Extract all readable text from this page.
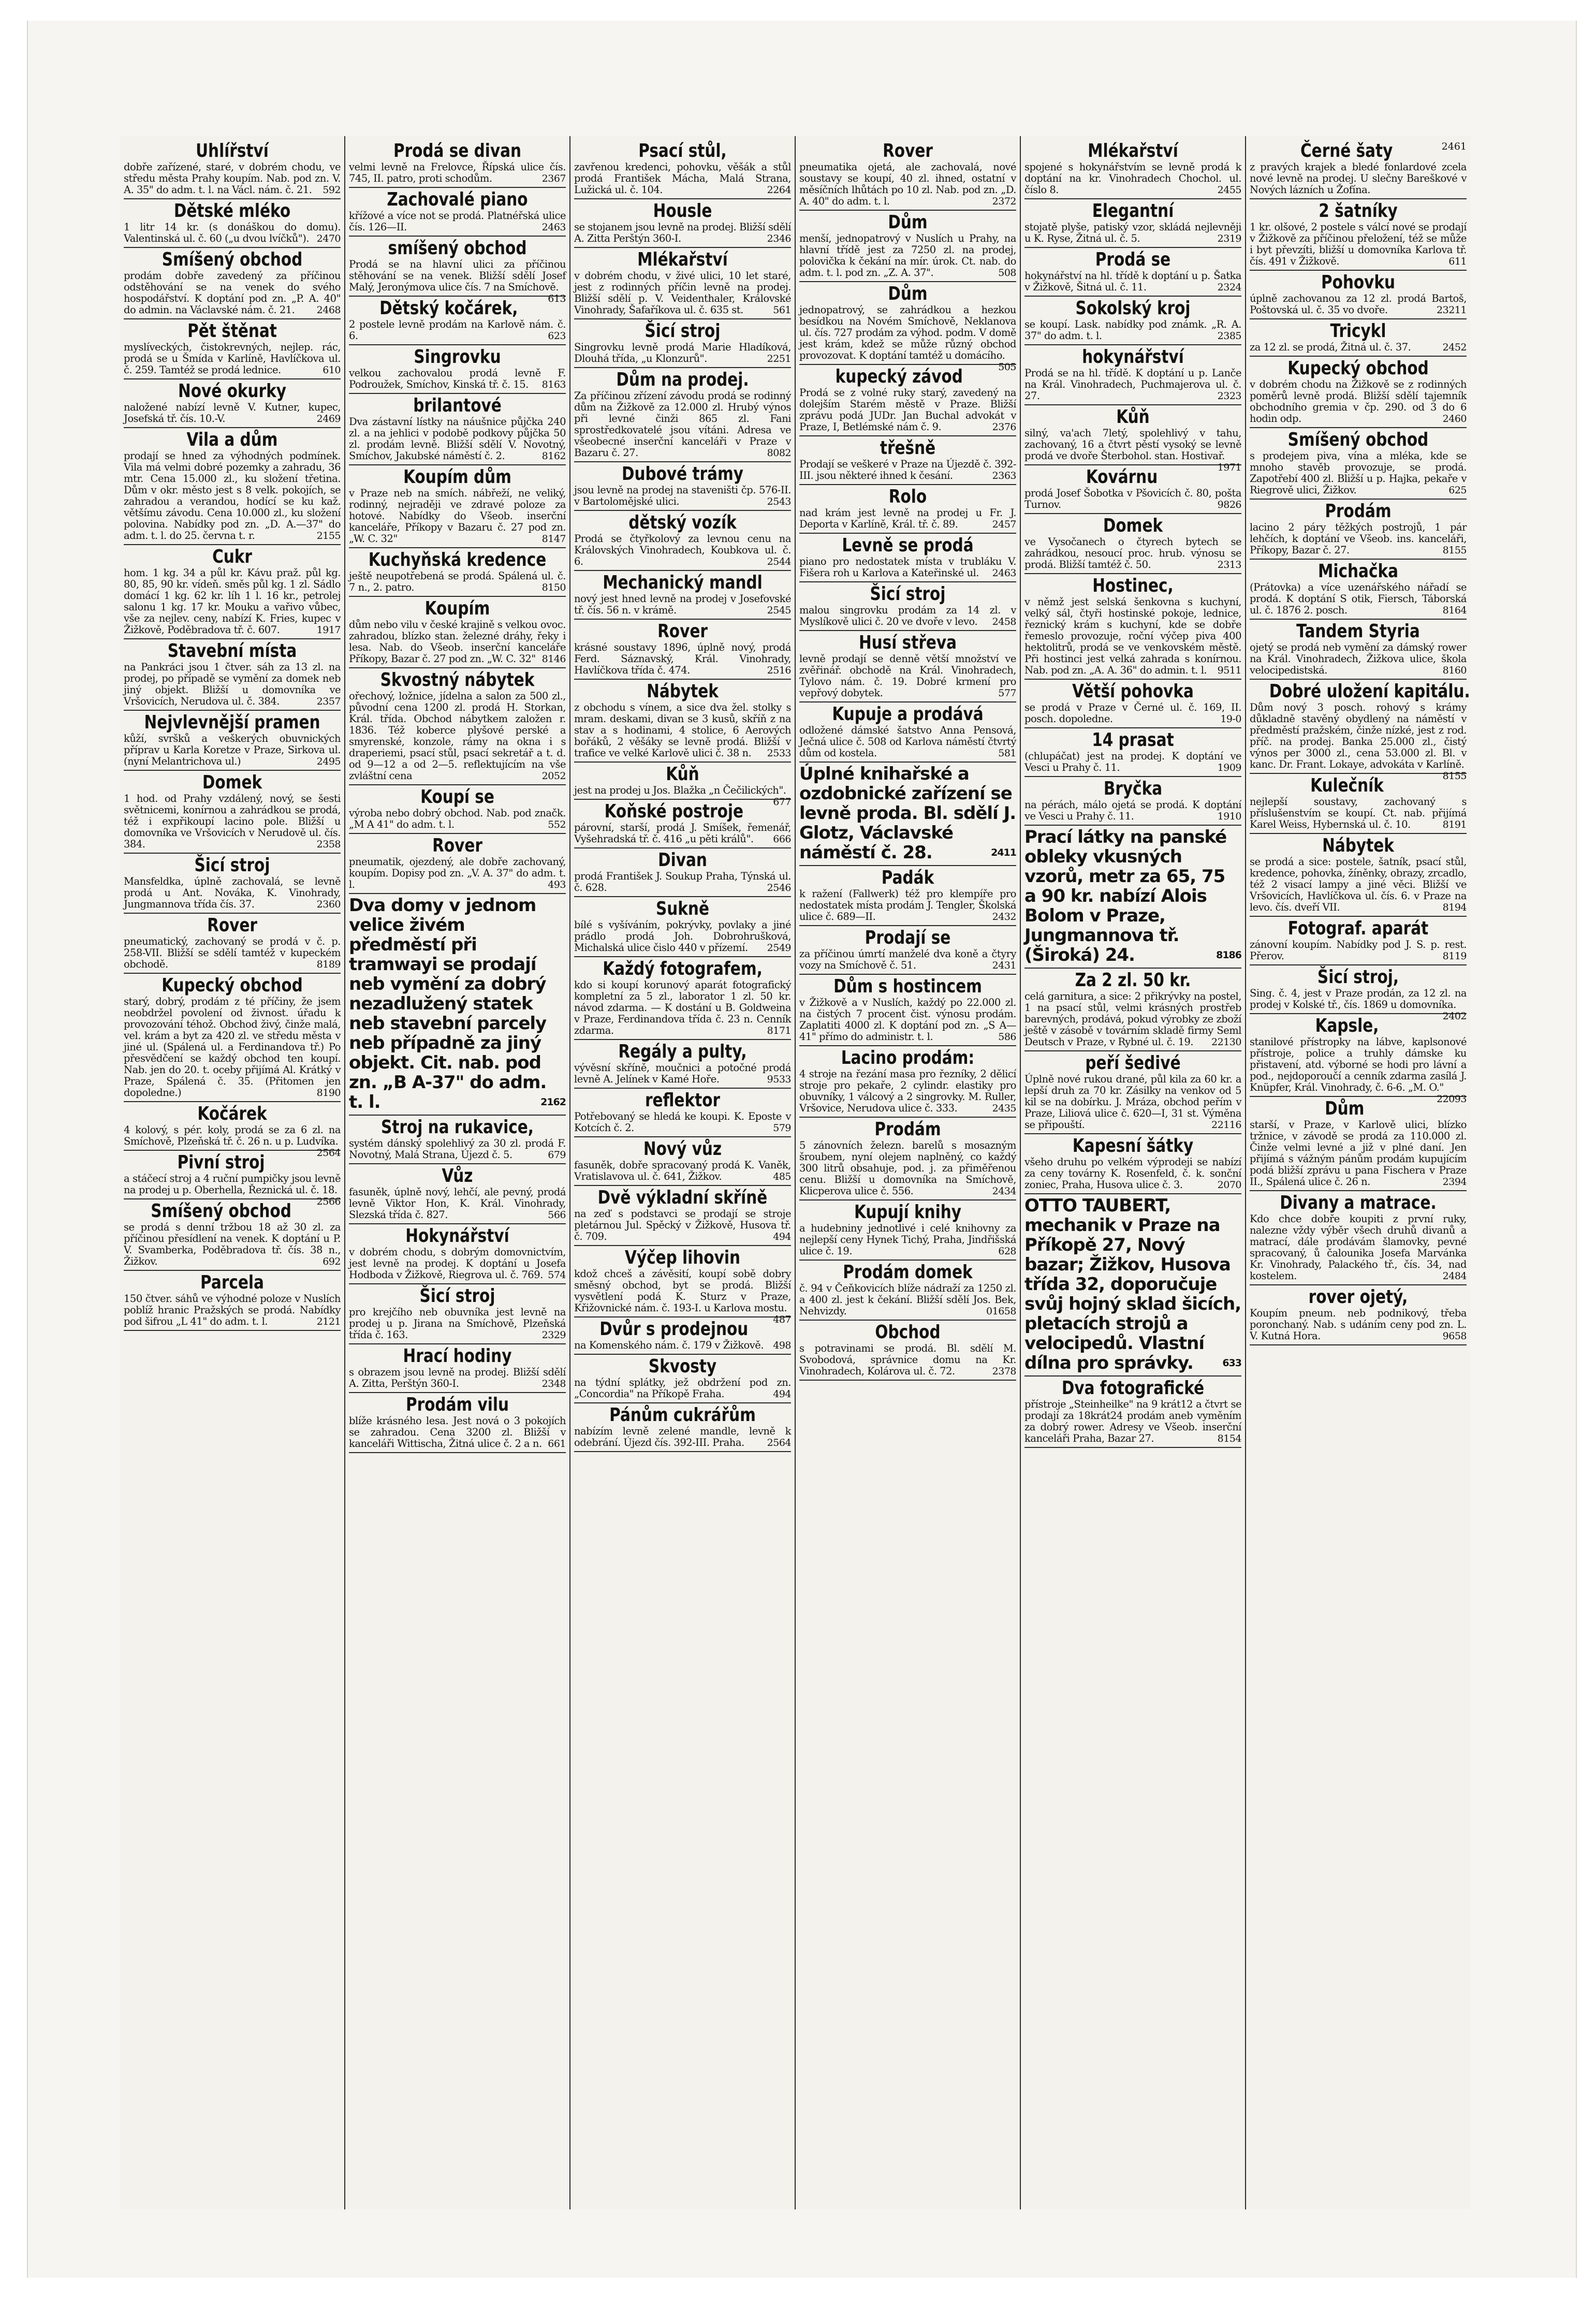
Uhlířství

dobře zařízené, staré, v dobrém chodu, ve středu města Prahy koupím. Nab. pod zn. V. A. 35" do adm. t. l. na Václ. nám. č. 21.	592

Dětské mléko

1 litr 14 kr. (s donáškou do domu). Valentinská ul. č. 60 („u dvou lvíčků"). 2470

Smíšený obchod

prodám dobře zavedený za příčinou odstěhování se na venek do svého hospodářství. K doptání pod zn. „P. A. 40" do admin. na Václavské nám. č. 21.	2468

Pět štěnat

myslíveckých, čistokrevných, nejlep. rác, prodá se u Šmída v Karlíně, Havlíčkova ul. č. 259. Tamtéž se prodá lednice.	610

Nové okurky

naložené nabízí levně V. Kutner, kupec, Josefská tř. čís. 10.-V.	2469

Vila a dům

prodají se hned za výhodných podmínek. Vila má velmi dobré pozemky a zahradu, 36 mtr. Cena 15.000 zl., ku složení třetina. Dům v okr. město jest s 8 velk. pokojích, se zahradou a verandou, hodící se ku kaž. většímu závodu. Cena 10.000 zl., ku složení polovina. Nabídky pod zn. „D. A.—37" do adm. t. l. do 25. června t. r.	2155

Cukr

hom. 1 kg. 34 a půl kr. Kávu praž. půl kg. 80, 85, 90 kr. vídeň. směs půl kg. 1 zl. Sádlo domácí 1 kg. 62 kr. líh 1 l. 16 kr., petrolej salonu 1 kg. 17 kr. Mouku a vařivo vůbec, vše za nejlev. ceny, nabízí K. Fries, kupec v Žižkově, Poděbradova tř. č. 607.	1917

Stavební místa

na Pankráci jsou 1 čtver. sáh za 13 zl. na prodej, po případě se vymění za domek neb jiný objekt. Bližší u domovníka ve Vršovicích, Nerudova ul. č. 384.	2357

Nejvlevnější pramen

kůží, svršků a veškerých obuvnických příprav u Karla Koretze v Praze, Sirkova ul. (nyní Melantrichova ul.)	2495

Domek

1 hod. od Prahy vzdálený, nový, se šesti světnicemi, konírnou a zahrádkou se prodá, též i expřikoupí lacino pole. Bližší u domovníka ve Vršovicích v Nerudově ul. čís. 384.	2358

Šicí stroj

Mansfeldka, úplně zachovalá, se levně prodá u Ant. Nováka, K. Vinohrady, Jungmannova třída čís. 37.	2360

Rover

pneumatický, zachovaný se prodá v č. p. 258-VII. Bližší se sdělí tamtéž v kupeckém obchodě.	8189

Kupecký obchod

starý, dobrý, prodám z té příčiny, že jsem neobdržel povolení od živnost. úřadu k provozování téhož. Obchod živý, činže malá, vel. krám a byt za 420 zl. ve středu města v jiné ul. (Spálená ul. a Ferdinandova tř.) Po přesvědčení se každý obchod ten koupí. Nab. jen do 20. t. oceby přijímá Al. Krátký v Praze, Spálená č. 35. (Přitomen jen dopoledne.)	8190

Kočárek

4 kolový, s pér. koly, prodá se za 6 zl. na Smíchově, Plzeňská tř. č. 26 n. u p. Ludvíka.
2564

Pivní stroj

a stáčecí stroj a 4 ruční pumpičky jsou levně na prodej u p. Oberhella, Řeznická ul. č. 18.
2566

Smíšený obchod

se prodá s denní tržbou 18 až 30 zl. za příčinou přesídlení na venek. K doptání u P. V. Svamberka, Poděbradova tř. čís. 38 n., Žižkov.	692

Parcela

150 čtver. sáhů ve výhodné poloze v Nuslích poblíž hranic Pražských se prodá. Nabídky pod šifrou „L 41" do adm. t. l.	2121

Prodá se divan

velmi levně na Frelovce, Řípská ulice čís. 745, II. patro, proti schodům.	2367

Zachovalé piano

křížové a více not se prodá. Platnéřská ulice čís. 126—II.	2463

smíšený obchod

Prodá se na hlavní ulici za příčinou stěhování se na venek. Bližší sdělí Josef Malý, Jeronýmova ulice čís. 7 na Smíchově.
613

Dětský kočárek,

2 postele levně prodám na Karlově nám. č. 6.	623

Singrovku

velkou zachovalou prodá levně F. Podroužek, Smíchov, Kinská tř. č. 15.	8163

brilantové

Dva zástavní lístky na náušnice půjčka 240 zl. a na jehlici v podobě podkovy půjčka 50 zl. prodám levně. Bližší sdělí V. Novotný, Smíchov, Jakubské náměstí č. 2.	8162

Koupím dům

v Praze neb na smích. nábřeží, ne veliký, rodinný, nejraději ve zdravé poloze za hotové. Nabídky do Všeob. inserční kanceláře, Příkopy v Bazaru č. 27 pod zn. „W. C. 32"	8147

Kuchyňská kredence

ještě neupotřebená se prodá. Spálená ul. č. 7 n., 2. patro.	8150

Koupím

dům nebo vilu v české krajině s velkou ovoc. zahradou, blízko stan. železné dráhy, řeky i lesa. Nab. do Všeob. inserční kanceláře Příkopy, Bazar č. 27 pod zn. „W. C. 32" 8146

Skvostný nábytek

ořechový, ložnice, jídelna a salon za 500 zl., původní cena 1200 zl. prodá H. Storkan, Král. třída. Obchod nábytkem založen r. 1836. Též koberce plyšové perské a smyrenské, konzole, rámy na okna i s draperiemi, psací stůl, psací sekretář a t. d. od 9—12 a od 2—5. reflektujícím na vše zvláštní cena	2052

Koupí se

výroba nebo dobrý obchod. Nab. pod značk. „M A 41" do adm. t. l.	552

Rover

pneumatik, ojezdený, ale dobře zachovaný, koupím. Dopisy pod zn. „V. A. 37" do adm. t. l.	493

Dva domy v jednom velice živém předměstí při tramwayi se prodají neb vymění za dobrý nezadlužený statek neb stavební parcely neb případně za jiný objekt. Cit. nab. pod zn. „B A-37" do adm. t. l.	2162

Stroj na rukavice,

systém dánský spolehlivý za 30 zl. prodá F. Novotný, Malá Strana, Újezd č. 5.	679

Vůz

fasuněk, úplně nový, lehčí, ale pevný, prodá levně Viktor Hon, K. Král. Vinohrady, Slezská třída č. 827.	566

Hokynářství

v dobrém chodu, s dobrým domovnictvím, jest levně na prodej. K doptání u Josefa Hodboda v Žižkově, Riegrova ul. č. 769. 574

Šicí stroj

pro krejčího neb obuvníka jest levně na prodej u p. Jirana na Smíchově, Plzeňská třída č. 163.	2329

Hrací hodiny

s obrazem jsou levně na prodej. Bližší sdělí A. Zitta, Perštýn 360-I.	2348

Prodám vilu

blíže krásného lesa. Jest nová o 3 pokojích se zahradou. Cena 3200 zl. Bližší v kanceláři Wittischa, Žitná ulice č. 2 a n. 661

Psací stůl,

zavřenou kredenci, pohovku, věšák a stůl prodá František Mácha, Malá Strana, Lužická ul. č. 104.	2264

Housle

se stojanem jsou levně na prodej. Bližší sdělí A. Zitta Perštýn 360-I.	2346

Mlékařství

v dobrém chodu, v živé ulici, 10 let staré, jest z rodinných příčin levně na prodej. Bližší sdělí p. V. Veidenthaler, Královské Vinohrady, Šafaříkova ul. č. 635 st.	561

Šicí stroj

Singrovku levně prodá Marie Hladíková, Dlouhá třída, „u Klonzurů".	2251

Dům na prodej.

Za příčinou zřízení závodu prodá se rodinný dům na Žižkově za 12.000 zl. Hrubý výnos při levné činži 865 zl. Fani sprostředkovatelé jsou vítáni. Adresa ve všeobecné inserční kanceláři v Praze v Bazaru č. 27.	8082

Dubové trámy

jsou levně na prodej na staveništi čp. 576-II. v Bartolomějské ulici.	2543

dětský vozík

Prodá se čtyřkolový za levnou cenu na Královských Vinohradech, Koubkova ul. č. 6.	2544

Mechanický mandl

nový jest hned levně na prodej v Josefovské tř. čís. 56 n. v krámě.	2545

Rover

krásné soustavy 1896, úplně nový, prodá Ferd. Sáznavský, Král. Vinohrady, Havlíčkova třída č. 474.	2516

Nábytek

z obchodu s vínem, a sice dva žel. stolky s mram. deskami, divan se 3 kusů, skříň z na stav a s hodinami, 4 stolice, 6 Aerových bořáků, 2 věšáky se levně prodá. Bližší v trafice ve velké Karlově ulici č. 38 n.	2533

Kůň

jest na prodej u Jos. Blažka „n Čečilických".
677

Koňské postroje

párovní, starší, prodá J. Smíšek, řemenář, Vyšehradská tř. č. 416 „u pěti králů".	666

Divan

prodá František J. Soukup Praha, Týnská ul. č. 628.	2546

Sukně

bílé s vyšíváním, pokrývky, povlaky a jiné prádlo prodá Joh. Dobrohrušková, Michalská ulice čislo 440 v přízemí.	2549

Každý fotografem,

kdo si koupí korunový aparát fotografický kompletní za 5 zl., laborator 1 zl. 50 kr. návod zdarma. — K dostání u B. Goldweina v Praze, Ferdinandova třída č. 23 n. Cenník zdarma.	8171

Regály a pulty,

vývěsní skříně, moučnici a potočné prodá levně A. Jelínek v Kamé Hoře.	9533

reflektor

Potřebovaný se hledá ke koupi. K. Eposte v Kotcích č. 2.	579

Nový vůz

fasuněk, dobře spracovaný prodá K. Vaněk, Vratislavova ul. č. 641, Žižkov.	485

Dvě výkladní skříně

na zeď s podstavci se prodají se stroje pletárnou Jul. Spěcký v Žižkově, Husova tř. č. 709.	494

Výčep lihovin

kdož chceš a závěsití, koupí sobě dobry směsný obchod, byt se prodá. Bližší vysvětlení podá K. Sturz v Praze, Křižovnické nám. č. 193-I. u Karlova mostu.
487

Dvůr s prodejnou

na Komenského nám. č. 179 v Žižkově. 498

Skvosty

na týdní splátky, jež obdržení pod zn. „Concordia" na Příkopě Fraha.	494

Pánům cukrářům

nabízím levně zelené mandle, levně k odebrání. Újezd čís. 392-III. Praha.	2564

Rover

pneumatika ojetá, ale zachovalá, nové soustavy se koupí, 40 zl. ihned, ostatní v měsíčních lhůtách po 10 zl. Nab. pod zn. „D. A. 40" do adm. t. l.	2372

Dům

menší, jednopatrový v Nuslích u Prahy, na hlavní třídě jest za 7250 zl. na prodej, polovička k čekání na mír. úrok. Ct. nab. do adm. t. l. pod zn. „Z. A. 37".	508

Dům

jednopatrový, se zahrádkou a hezkou besídkou na Novém Smíchově, Neklanova ul. čís. 727 prodám za výhod. podm. V domě jest krám, kdež se může různý obchod provozovat. K doptání tamtéž u domácího.
505

kupecký závod

Prodá se z volné ruky starý, zavedený na dolejším Starém městě v Praze. Bližší zprávu podá JUDr. Jan Buchal advokát v Praze, I, Betlémské nám č. 9.	2376

třešně

Prodají se veškeré v Praze na Újezdě č. 392-III. jsou některé ihned k česání.	2363

Rolo

nad krám jest levně na prodej u Fr. J. Deporta v Karlíně, Král. tř. č. 89.	2457

Levně se prodá

piano pro nedostatek místa v trubláku V. Fišera roh u Karlova a Kateřinské ul.	2463

Šicí stroj

malou singrovku prodám za 14 zl. v Myslíkově ulici č. 20 ve dvoře v levo.	2458

Husí střeva

levně prodají se denně větší množství ve zvěřinář. obchodě na Král. Vinohradech, Tylovo nám. č. 19. Dobré krmení pro vepřový dobytek.	577

Kupuje a prodává

odložené dámské šatstvo Anna Pensová, Ječná ulice č. 508 od Karlova náměstí čtvrtý dům od kostela.	581

Úplné knihařské a ozdobnické zařízení se levně proda. Bl. sdělí J. Glotz, Václavské náměstí č. 28.	2411

Padák

k ražení (Fallwerk) též pro klempíře pro nedostatek místa prodám J. Tengler, Školská ulice č. 689—II.	2432

Prodají se

za příčinou úmrtí manželé dva koně a čtyry vozy na Smíchově č. 51.	2431

Dům s hostincem

v Žižkově a v Nuslích, každý po 22.000 zl. na čistých 7 procent čist. výnosu prodám. Zaplatiti 4000 zl. K doptání pod zn. „S A—41" přímo do administr. t. l.	586

Lacino prodám:

4 stroje na řezání masa pro řezníky, 2 dělicí stroje pro pekaře, 2 cylindr. elastiky pro obuvníky, 1 válcový a 2 singrovky. M. Ruller, Vršovice, Nerudova ulice č. 333.	2435

Prodám

5 zánovních železn. barelů s mosazným šroubem, nyní olejem naplněný, co každý 300 litrů obsahuje, pod. j. za přiměřenou cenu. Bližší u domovníka na Smíchově, Klicperova ulice č. 556.	2434

Kupují knihy

a hudebniny jednotlivé i celé knihovny za nejlepší ceny Hynek Tichý, Praha, Jindřišská ulice č. 19.	628

Prodám domek

č. 94 v Čeňkovicích blíže nádraží za 1250 zl. a 400 zl. jest k čekání. Bližší sdělí Jos. Bek, Nehvizdy.	01658

Obchod

s potravinami se prodá. Bl. sdělí M. Svobodová, správnice domu na Kr. Vinohradech, Kolárova ul. č. 72.	2378

Mlékařství

spojené s hokynářstvím se levně prodá k doptání na kr. Vinohradech Chochol. ul. číslo 8.	2455

Elegantní

stojatě plyše, patiský vzor, skládá nejlevněji u K. Ryse, Žitná ul. č. 5.	2319

Prodá se

hokynářství na hl. třídě k doptání u p. Šatka v Žižkově, Šitná ul. č. 11.	2324

Sokolský kroj

se koupí. Lask. nabídky pod známk. „R. A. 37" do adm. t. l.	2385

hokynářství

Prodá se na hl. třídě. K doptání u p. Lanče na Král. Vinohradech, Puchmajerova ul. č. 27.	2323

Kůň

silný, va'ach 7letý, spolehlivý v tahu, zachovaný, 16 a čtvrt pěstí vysoký se levně prodá ve dvoře Šterbohol. stan. Hostivař.
1971

Kovárnu

prodá Josef Šobotka v Pšovicích č. 80, pošta Turnov.	9826

Domek

ve Vysočanech o čtyrech bytech se zahrádkou, nesoucí proc. hrub. výnosu se prodá. Bližší tamtéž č. 50.	2313

Hostinec,

v němž jest selská šenkovna s kuchyní, velký sál, čtyři hostinské pokoje, lednice, řeznický krám s kuchyní, kde se dobře řemeslo provozuje, roční výčep piva 400 hektolitrů, prodá se ve venkovském městě. Při hostinci jest velká zahrada s konírnou. Nab. pod zn. „A. A. 36" do admin. t. l.	9511

Větší pohovka

se prodá v Praze v Černé ul. č. 169, II. posch. dopoledne.	19-0

14 prasat

(chlupáčat) jest na prodej. K doptání ve Vesci u Prahy č. 11.	1909

Bryčka

na pérách, málo ojetá se prodá. K doptání ve Vesci u Prahy č. 11.	1910

Prací látky na panské obleky vkusných vzorů, metr za 65, 75 a 90 kr. nabízí Alois Bolom v Praze, Jungmannova tř. (Široká) 24.	8186

Za 2 zl. 50 kr.

celá garnitura, a sice: 2 přikrývky na postel, 1 na psací stůl, velmi krásných prostřeb barevných, prodává, pokud výrobky ze zboží ještě v zásobě v továrním skladě firmy Seml Deutsch v Praze, v Rybné ul. č. 19.	22130

peří šedivé

Úplně nové rukou drané, půl kila za 60 kr. a lepší druh za 70 kr. Zásilky na venkov od 5 kil se na dobírku. J. Mráza, obchod peřím v Praze, Liliová ulice č. 620—I, 31 st. Výměna se připouští.	22116

Kapesní šátky

všeho druhu po velkém výprodeji se nabízí za ceny továrny K. Rosenfeld, č. k. sonční zoniec, Praha, Husova ulice č. 3.	2070

OTTO TAUBERT, mechanik v Praze na Příkopě 27, Nový bazar; Žižkov, Husova třída 32, doporučuje svůj hojný sklad šicích, pletacích strojů a velocipedů. Vlastní dílna pro správky.	633

Dva fotografické

přístroje „Steinheilke" na 9 krát12 a čtvrt se prodají za 18krát24 prodám aneb vyměním za dobrý rower. Adresy ve Všeob. inserční kanceláři Praha, Bazar 27.	8154

2461
Černé šaty

z pravých krajek a bledé fonlardové zcela nové levně na prodej. U slečny Bareškové v Nových lázních u Žofína.

2 šatníky

1 kr. olšové, 2 postele s válcí nové se prodají v Žižkově za příčinou přeložení, též se může i byt převzíti, bližší u domovníka Karlova tř. čís. 491 v Žižkově.	611

Pohovku

úplně zachovanou za 12 zl. prodá Bartoš, Poštovská ul. č. 35 vo dvoře.	23211

Tricykl

za 12 zl. se prodá, Žitná ul. č. 37.	2452

Kupecký obchod

v dobrém chodu na Žižkově se z rodinných poměrů levně prodá. Bližší sdělí tajemník obchodního gremia v čp. 290. od 3 do 6 hodin odp.	2460

Smíšený obchod

s prodejem piva, vína a mléka, kde se mnoho stavěb provozuje, se prodá. Zapotřebí 400 zl. Bližší u p. Hajka, pekaře v Riegrově ulici, Žižkov.	625

Prodám

lacino 2 páry těžkých postrojů, 1 pár lehčích, k doptání ve Všeob. ins. kanceláři, Příkopy, Bazar č. 27.	8155

Michačka

(Prátovka) a více uzenářského nářadí se prodá. K doptání S otik, Fiersch, Táborská ul. č. 1876 2. posch.	8164

Tandem Styria

ojetý se prodá neb vymění za dámský rower na Král. Vinohradech, Žižkova ulice, škola velocipedistská.	8160

Dobré uložení kapitálu.

Dům nový 3 posch. rohový s krámy důkladně stavěný obydlený na náměstí v předměstí pražském, činže nízké, jest z rod. příč. na prodej. Banka 25.000 zl., čistý výnos per 3000 zl., cena 53.000 zl. Bl. v kanc. Dr. Frant. Lokaye, advokáta v Karlíně.
8155

Kulečník

nejlepší soustavy, zachovaný s příslušenstvím se koupí. Ct. nab. přijímá Karel Weiss, Hybernská ul. č. 10.	8191

Nábytek

se prodá a sice: postele, šatník, psací stůl, kredence, pohovka, žíněnky, obrazy, zrcadlo, též 2 visací lampy a jiné věci. Bližší ve Vršovicích, Havlíčkova ul. čís. 6. v Praze na levo. čís. dveří VII.	8194

Fotograf. aparát

zánovní koupím. Nabídky pod J. S. p. rest. Přerov.	8119

Šicí stroj,

Sing. č. 4, jest v Praze prodán, za 12 zl. na prodej v Kolské tř., čís. 1869 u domovníka.
2402

Kapsle,

stanilové přístropky na lábve, kaplsonové přístroje, police a truhly dámske ku přistavení, atd. výborné se hodi pro lávní a pod., nejdoporoučí a cenník zdarma zasílá J. Knüpfer, Král. Vinohrady, č. 6-6. „M. O."
22093

Dům

starší, v Praze, v Karlově ulici, blízko tržnice, v závodě se prodá za 110.000 zl. Činže velmi levné a již v plné daní. Jen přijímá s vážným pánům prodám kupujícím podá bližší zprávu u pana Fischera v Praze II., Spálená ulice č. 26 n.	2394

Divany a matrace.

Kdo chce dobře koupiti z první ruky, nalezne vždy výběr všech druhů divanů a matrací, dále prodávám šlamovky, pevné spracovaný, ů čalounika Josefa Marvánka Kr. Vinohrady, Palackého tř., čís. 34, nad kostelem.	2484

rover ojetý,

Koupím pneum. neb podnikový, třeba poronchaný. Nab. s udáním ceny pod zn. L. V. Kutná Hora.	9658
